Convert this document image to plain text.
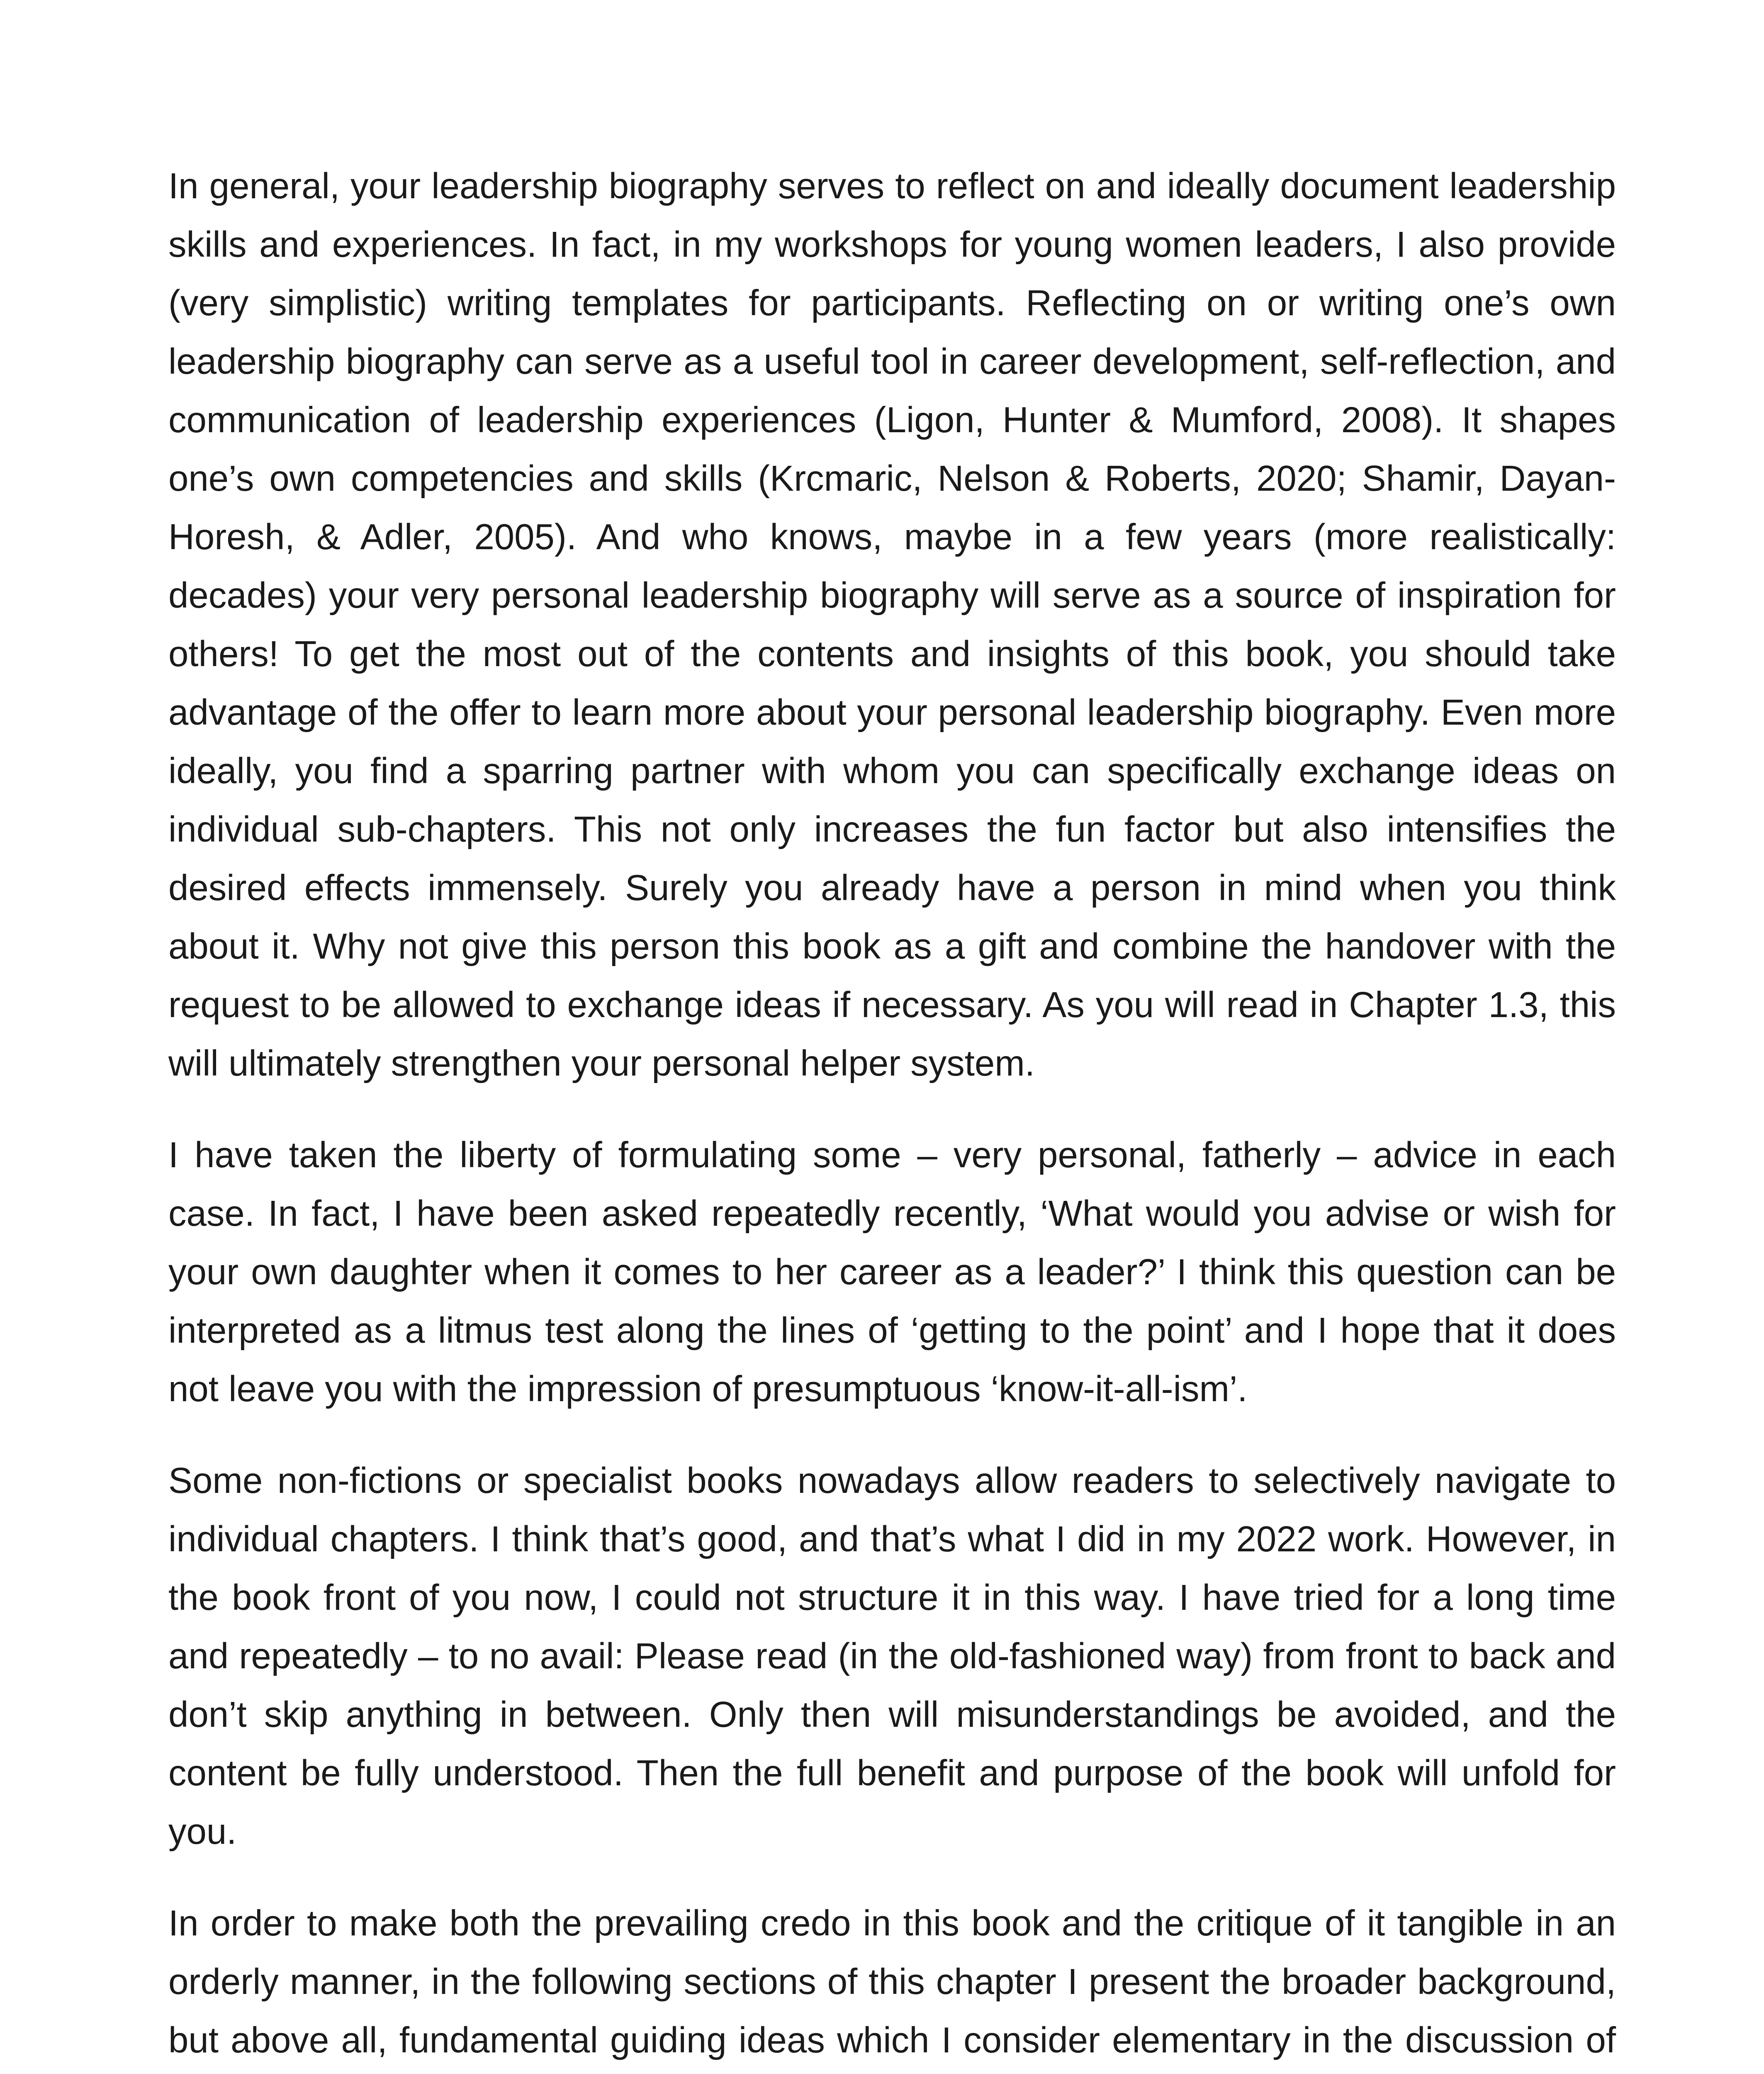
In general, your leadership biography serves to reflect on and ideally document leadership skills and experiences. In fact, in my workshops for young women leaders, I also provide (very simplistic) writing templates for participants. Reflecting on or writing one’s own leadership biography can serve as a useful tool in career development, self-reflection, and communication of leadership experiences (Ligon, Hunter & Mumford, 2008). It shapes one’s own competencies and skills (Krcmaric, Nelson & Roberts, 2020; Shamir, Dayan-Horesh, & Adler, 2005). And who knows, maybe in a few years (more realistically: decades) your very personal leadership biography will serve as a source of inspiration for others! To get the most out of the contents and insights of this book, you should take advantage of the offer to learn more about your personal leadership biography. Even more ideally, you find a sparring partner with whom you can specifically exchange ideas on individual sub-chapters. This not only increases the fun factor but also intensifies the desired effects immensely. Surely you already have a person in mind when you think about it. Why not give this person this book as a gift and combine the handover with the request to be allowed to exchange ideas if necessary. As you will read in Chapter 1.3, this will ultimately strengthen your personal helper system.

I have taken the liberty of formulating some – very personal, fatherly – advice in each case. In fact, I have been asked repeatedly recently, ‘What would you advise or wish for your own daughter when it comes to her career as a leader?’ I think this question can be interpreted as a litmus test along the lines of ‘getting to the point’ and I hope that it does not leave you with the impression of presumptuous ‘know-it-all-ism’.

Some non-fictions or specialist books nowadays allow readers to selectively navigate to individual chapters. I think that’s good, and that’s what I did in my 2022 work. However, in the book front of you now, I could not structure it in this way. I have tried for a long time and repeatedly – to no avail: Please read (in the old-fashioned way) from front to back and don’t skip anything in between. Only then will misunderstandings be avoided, and the content be fully understood. Then the full benefit and purpose of the book will unfold for you.

In order to make both the prevailing credo in this book and the critique of it tangible in an orderly manner, in the following sections of this chapter I present the broader background, but above all, fundamental guiding ideas which I consider elementary in the discussion of
